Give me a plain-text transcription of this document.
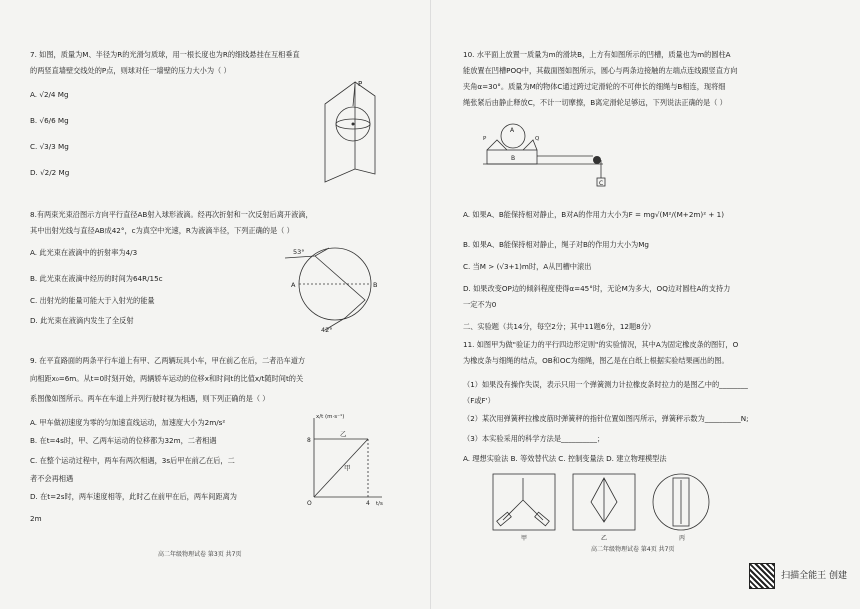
7. 如图，质量为M、半径为R的光滑匀质球，用一根长度也为R的细线悬挂在互相垂直
的两竖直墙壁交线处的P点，则球对任一墙壁的压力大小为（ ）
A. √2/4 Mg
B. √6/6 Mg
C. √3/3 Mg
D. √2/2 Mg
P
8.有两束光束沿图示方向平行直径AB射入球形液滴。经再次折射和一次反射后离开液滴，
其中出射光线与直径AB成42°，c为真空中光速，R为液滴半径，下列正确的是（ ）
A. 此光束在液滴中的折射率为4/3
B. 此光束在液滴中经历的时间为64R/15c
C. 出射光的能量可能大于入射光的能量
D. 此光束在液滴内发生了全反射
53°
42°
A	B
9. 在平直路面的两条平行车道上有甲、乙两辆玩具小车，甲在前乙在后，二者沿车道方
向相距x₀=6m。从t=0时刻开始，两辆轿车运动的位移x和时间t的比值x/t随时间t的关
系图像如图所示。两车在车道上并列行驶时视为相遇，则下列正确的是（ ）
A. 甲车做初速度为零的匀加速直线运动，加速度大小为2m/s²
B. 在t=4s时，甲、乙两车运动的位移都为32m，二者相遇
C. 在整个运动过程中，两车有两次相遇，3s后甲在前乙在后，二
者不会再相遇
D. 在t=2s时，两车速度相等，此时乙在前甲在后，两车间距离为
2m
x/t (m·s⁻¹)
8
4 t/s
O
乙
甲
高二年级物理试卷 第3页 共7页
10. 水平面上放置一质量为m的滑块B，上方有如图所示的凹槽，质量也为m的圆柱A
能放置在凹槽POQ中，其截面图如图所示，圆心与两条边接触的左端点连线跟竖直方向
夹角α=30°。质量为M的物体C通过跨过定滑轮的不可伸长的细绳与B相连，现将细
绳张紧后由静止释放C，不计一切摩擦，B离定滑轮足够远，下列说法正确的是（ ）
A
B
C
P	Q
A. 如果A、B能保持相对静止，B对A的作用力大小为F = mg√(M²/(M+2m)² + 1)
B. 如果A、B能保持相对静止，绳子对B的作用力大小为Mg
C. 当M > (√3+1)m时，A从凹槽中滚出
D. 如果改变OP边的倾斜程度使得α=45°时，无论M为多大，OQ边对圆柱A的支持力
一定不为0
二、实验题（共14分，每空2分；其中11题6分，12题8分）
11. 如图甲为做"验证力的平行四边形定则"的实验情况，其中A为固定橡皮条的图钉，O
为橡皮条与细绳的结点，OB和OC为细绳，图乙是在白纸上根据实验结果画出的图。
（1）如果没有操作失误，表示只用一个弹簧测力计拉橡皮条时拉力的是图乙中的________
（F或F'）
（2）某次用弹簧秤拉橡皮筋时弹簧秤的指针位置如图丙所示，弹簧秤示数为__________N;
（3）本实验采用的科学方法是__________；
A. 理想实验法 B. 等效替代法 C. 控制变量法 D. 建立物理模型法
甲	乙	丙
高二年级物理试卷 第4页 共7页
扫描全能王 创建
